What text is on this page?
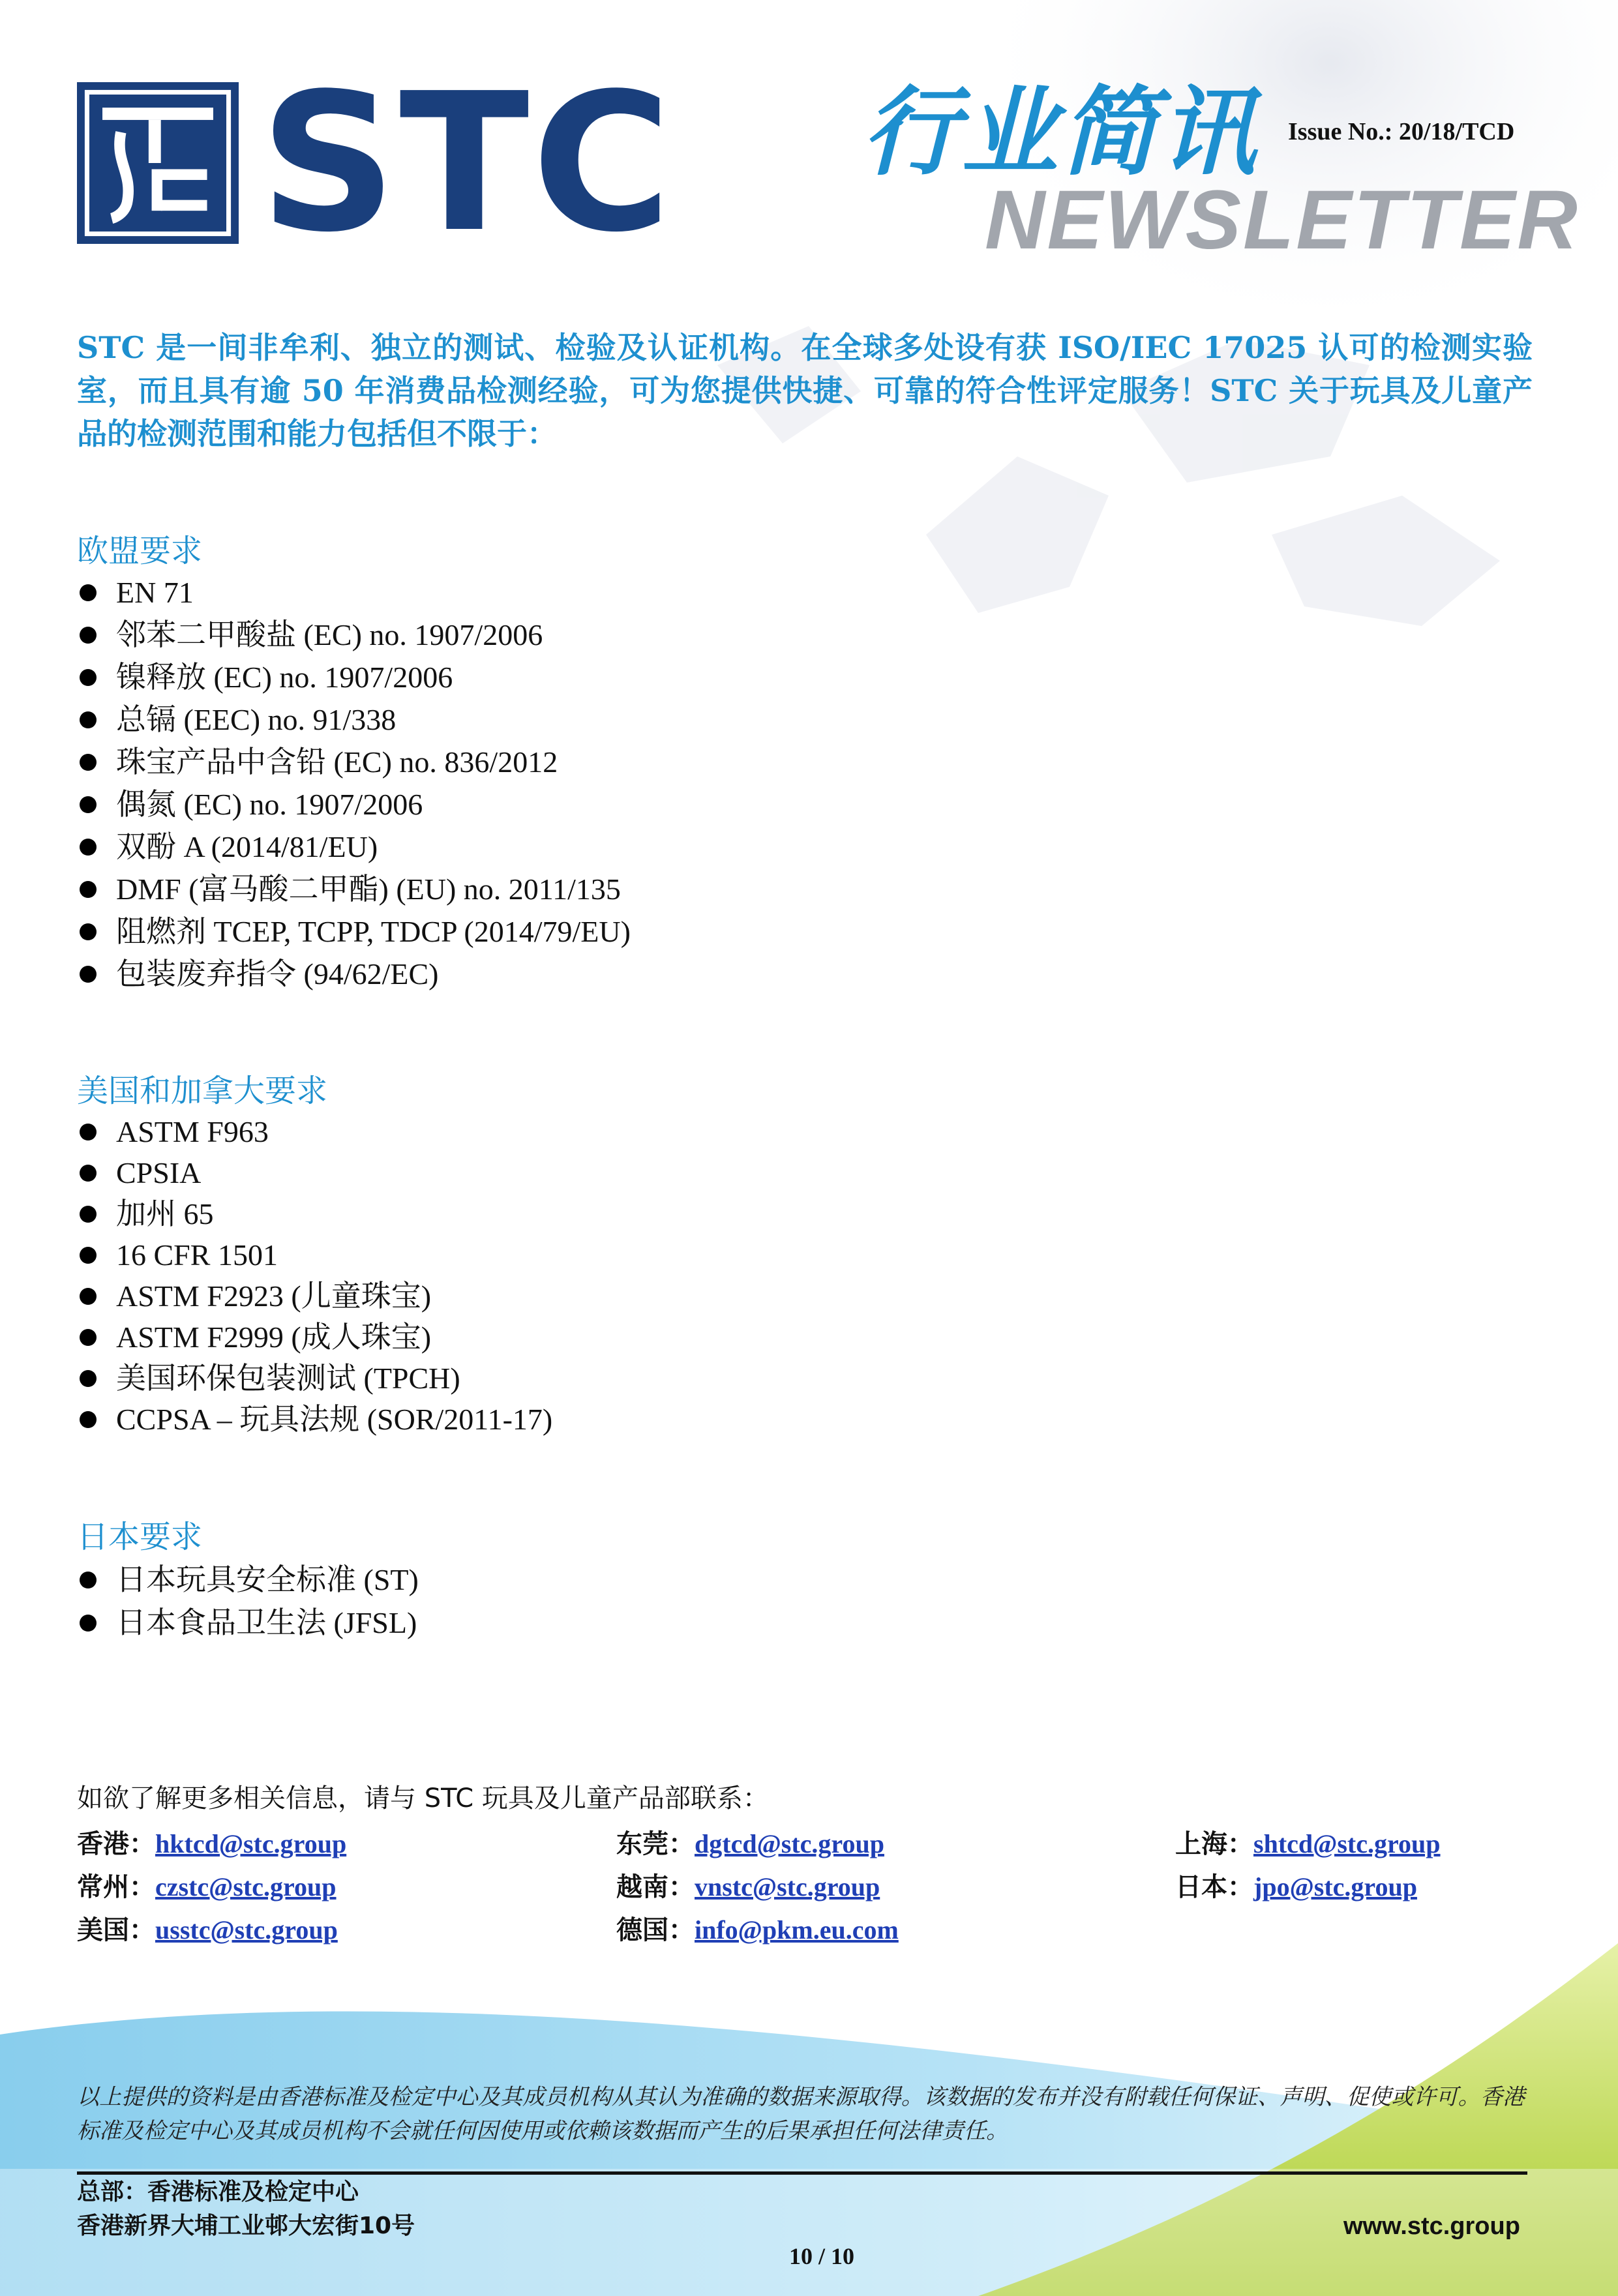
STC 行业简讯
NEWSLETTER
Issue No.: 20/18/TCD
STC 是一间非牟利、独立的测试、检验及认证机构。在全球多处设有获 ISO/IEC 17025 认可的检测实验室，而且具有逾 50 年消费品检测经验，可为您提供快捷、可靠的符合性评定服务！STC 关于玩具及儿童产品的检测范围和能力包括但不限于：
欧盟要求
EN 71
邻苯二甲酸盐 (EC) no. 1907/2006
镍释放 (EC) no. 1907/2006
总镉 (EEC) no. 91/338
珠宝产品中含铅 (EC) no. 836/2012
偶氮 (EC) no. 1907/2006
双酚 A (2014/81/EU)
DMF (富马酸二甲酯) (EU) no. 2011/135
阻燃剂 TCEP, TCPP, TDCP (2014/79/EU)
包装废弃指令 (94/62/EC)
美国和加拿大要求
ASTM F963
CPSIA
加州 65
16 CFR 1501
ASTM F2923 (儿童珠宝)
ASTM F2999 (成人珠宝)
美国环保包装测试 (TPCH)
CCPSA – 玩具法规 (SOR/2011-17)
日本要求
日本玩具安全标准 (ST)
日本食品卫生法 (JFSL)
如欲了解更多相关信息，请与 STC 玩具及儿童产品部联系：
香港：hktcd@stc.group	东莞：dgtcd@stc.group	上海：shtcd@stc.group
常州：czstc@stc.group	越南：vnstc@stc.group	日本：jpo@stc.group
美国：usstc@stc.group	德国：info@pkm.eu.com
以上提供的资料是由香港标准及检定中心及其成员机构从其认为准确的数据来源取得。该数据的发布并没有附载任何保证、声明、促使或许可。香港标准及检定中心及其成员机构不会就任何因使用或依赖该数据而产生的后果承担任何法律责任。
总部：香港标准及检定中心
香港新界大埔工业邨大宏街10号	www.stc.group
10 / 10
